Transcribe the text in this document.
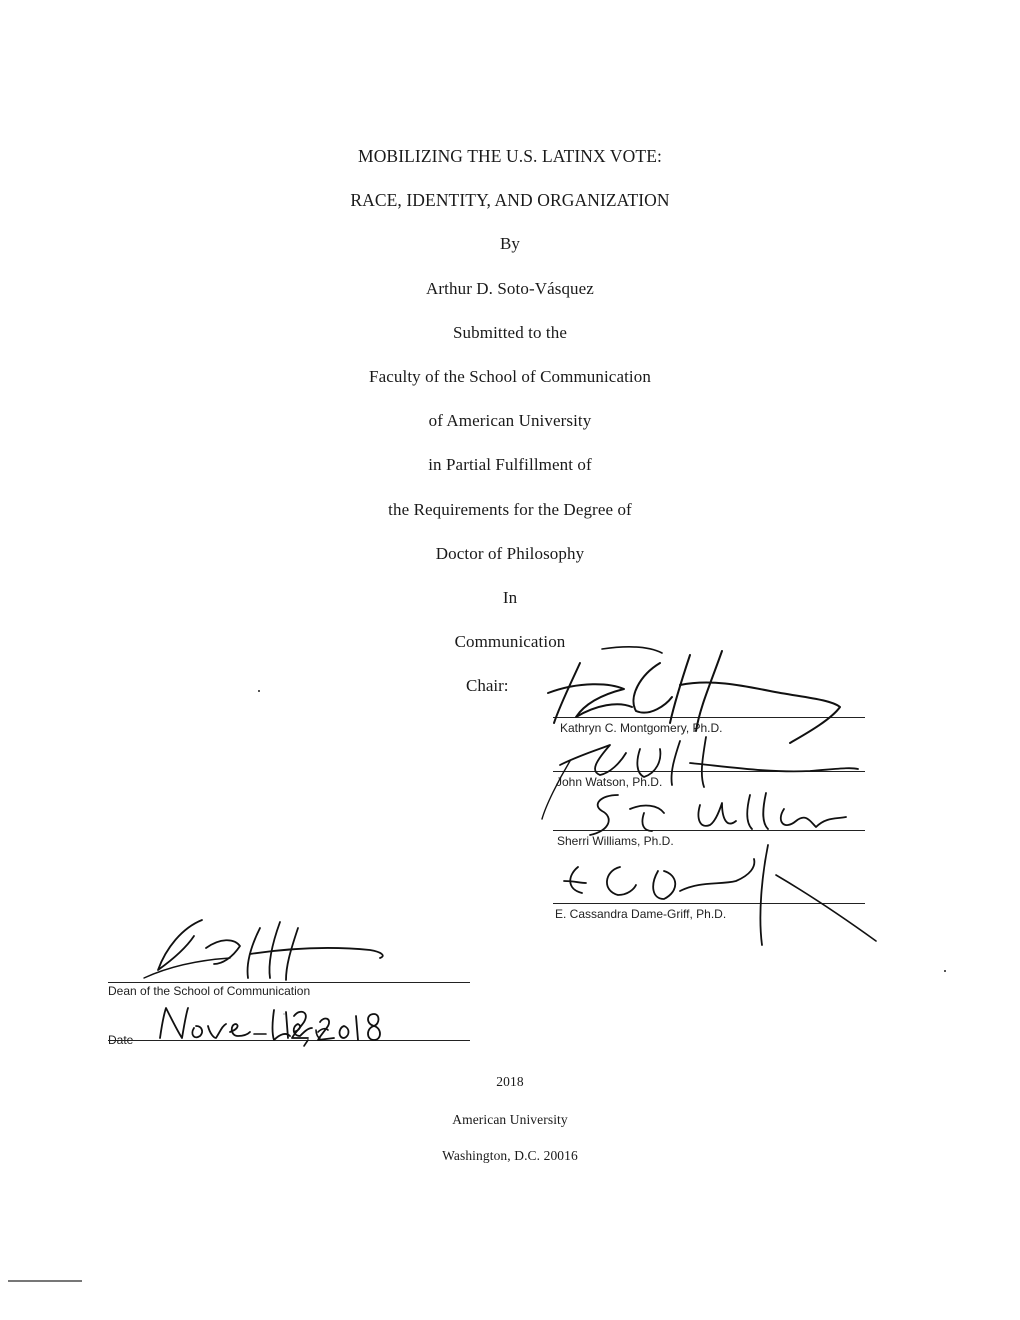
MOBILIZING THE U.S. LATINX VOTE:
RACE, IDENTITY, AND ORGANIZATION
By
Arthur D. Soto-Vásquez
Submitted to the
Faculty of the School of Communication
of American University
in Partial Fulfillment of
the Requirements for the Degree of
Doctor of Philosophy
In
Communication
Chair:
Kathryn C. Montgomery, Ph.D.
John Watson, Ph.D.
Sherri Williams, Ph.D.
E. Cassandra Dame-Griff, Ph.D.
Dean of the School of Communication
Date
2018
American University
Washington, D.C. 20016
